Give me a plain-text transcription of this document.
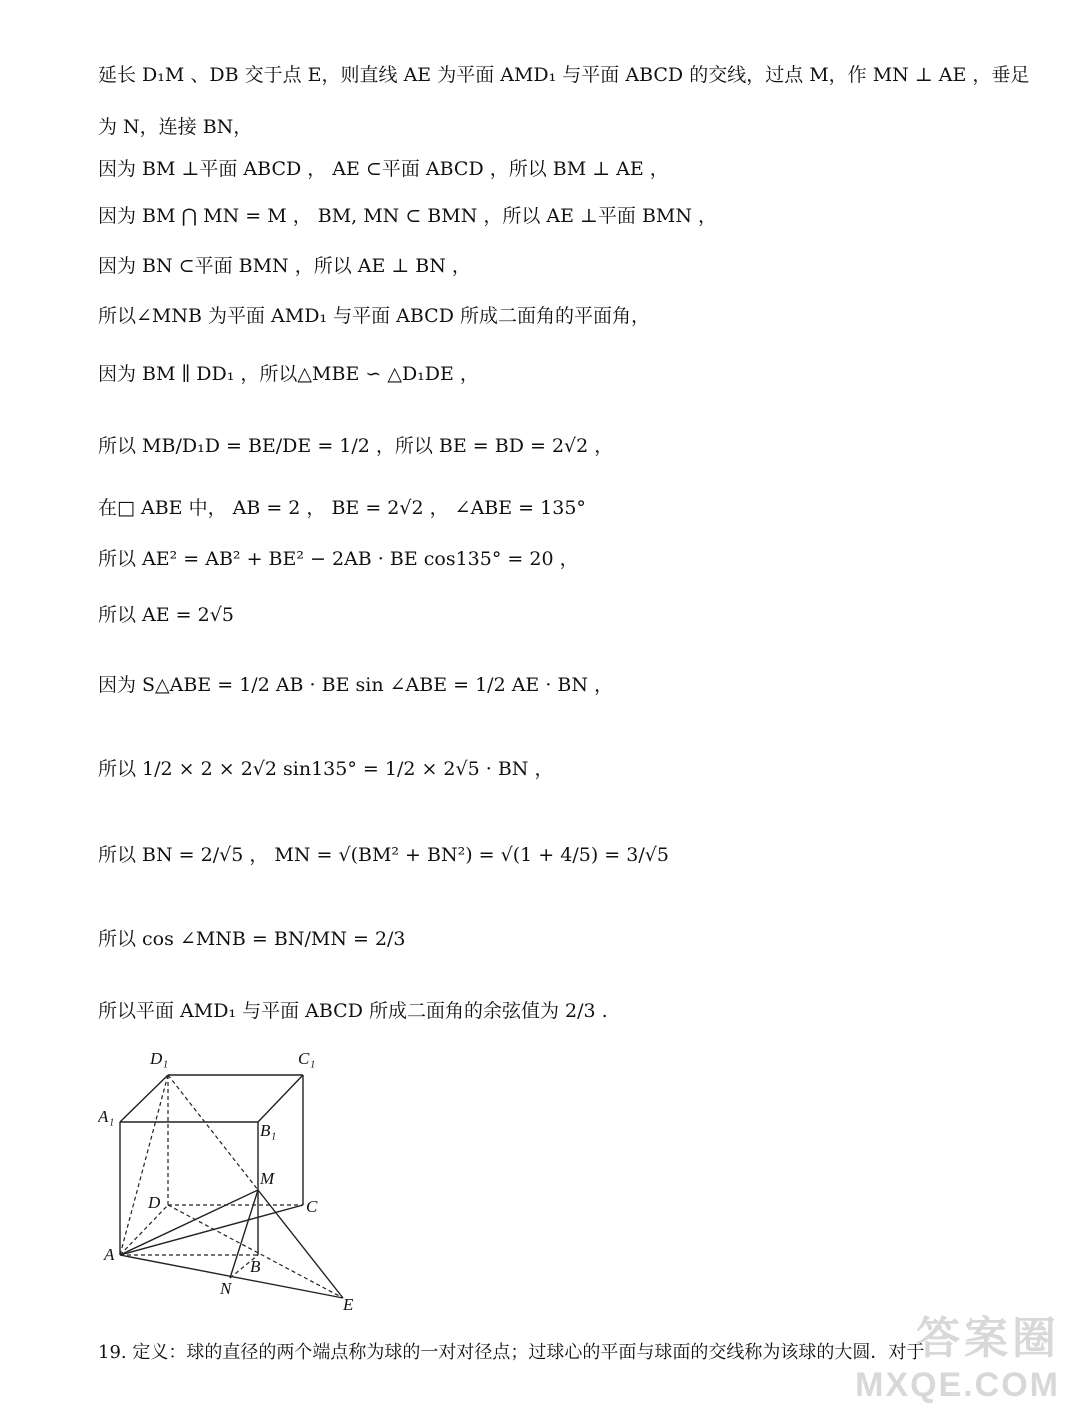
延长 D₁M 、DB 交于点 E，则直线 AE 为平面 AMD₁ 与平面 ABCD 的交线，过点 M，作 MN ⊥ AE ，垂足
为 N，连接 BN，
因为 BM ⊥平面 ABCD ， AE ⊂平面 ABCD ，所以 BM ⊥ AE ，
因为 BM ⋂ MN = M ， BM, MN ⊂ BMN ，所以 AE ⊥平面 BMN ，
因为 BN ⊂平面 BMN ，所以 AE ⊥ BN ，
所以∠MNB 为平面 AMD₁ 与平面 ABCD 所成二面角的平面角，
因为 BM ∥ DD₁ ，所以△MBE ∽ △D₁DE ，
所以 MB/D₁D = BE/DE = 1/2 ，所以 BE = BD = 2√2 ，
在□ ABE 中， AB = 2 ， BE = 2√2 ， ∠ABE = 135°
所以 AE² = AB² + BE² − 2AB · BE cos135° = 20 ，
所以 AE = 2√5
因为 S△ABE = 1/2 AB · BE sin ∠ABE = 1/2 AE · BN ，
所以 1/2 × 2 × 2√2 sin135° = 1/2 × 2√5 · BN ，
所以 BN = 2/√5 ， MN = √(BM² + BN²) = √(1 + 4/5) = 3/√5
所以 cos ∠MNB = BN/MN = 2/3
所以平面 AMD₁ 与平面 ABCD 所成二面角的余弦值为 2/3 .
D₁	C₁
A₁
B₁
M
D	C
A
B
N
E
19. 定义：球的直径的两个端点称为球的一对对径点；过球心的平面与球面的交线称为该球的大圆．对于
答案圈
MXQE.COM
